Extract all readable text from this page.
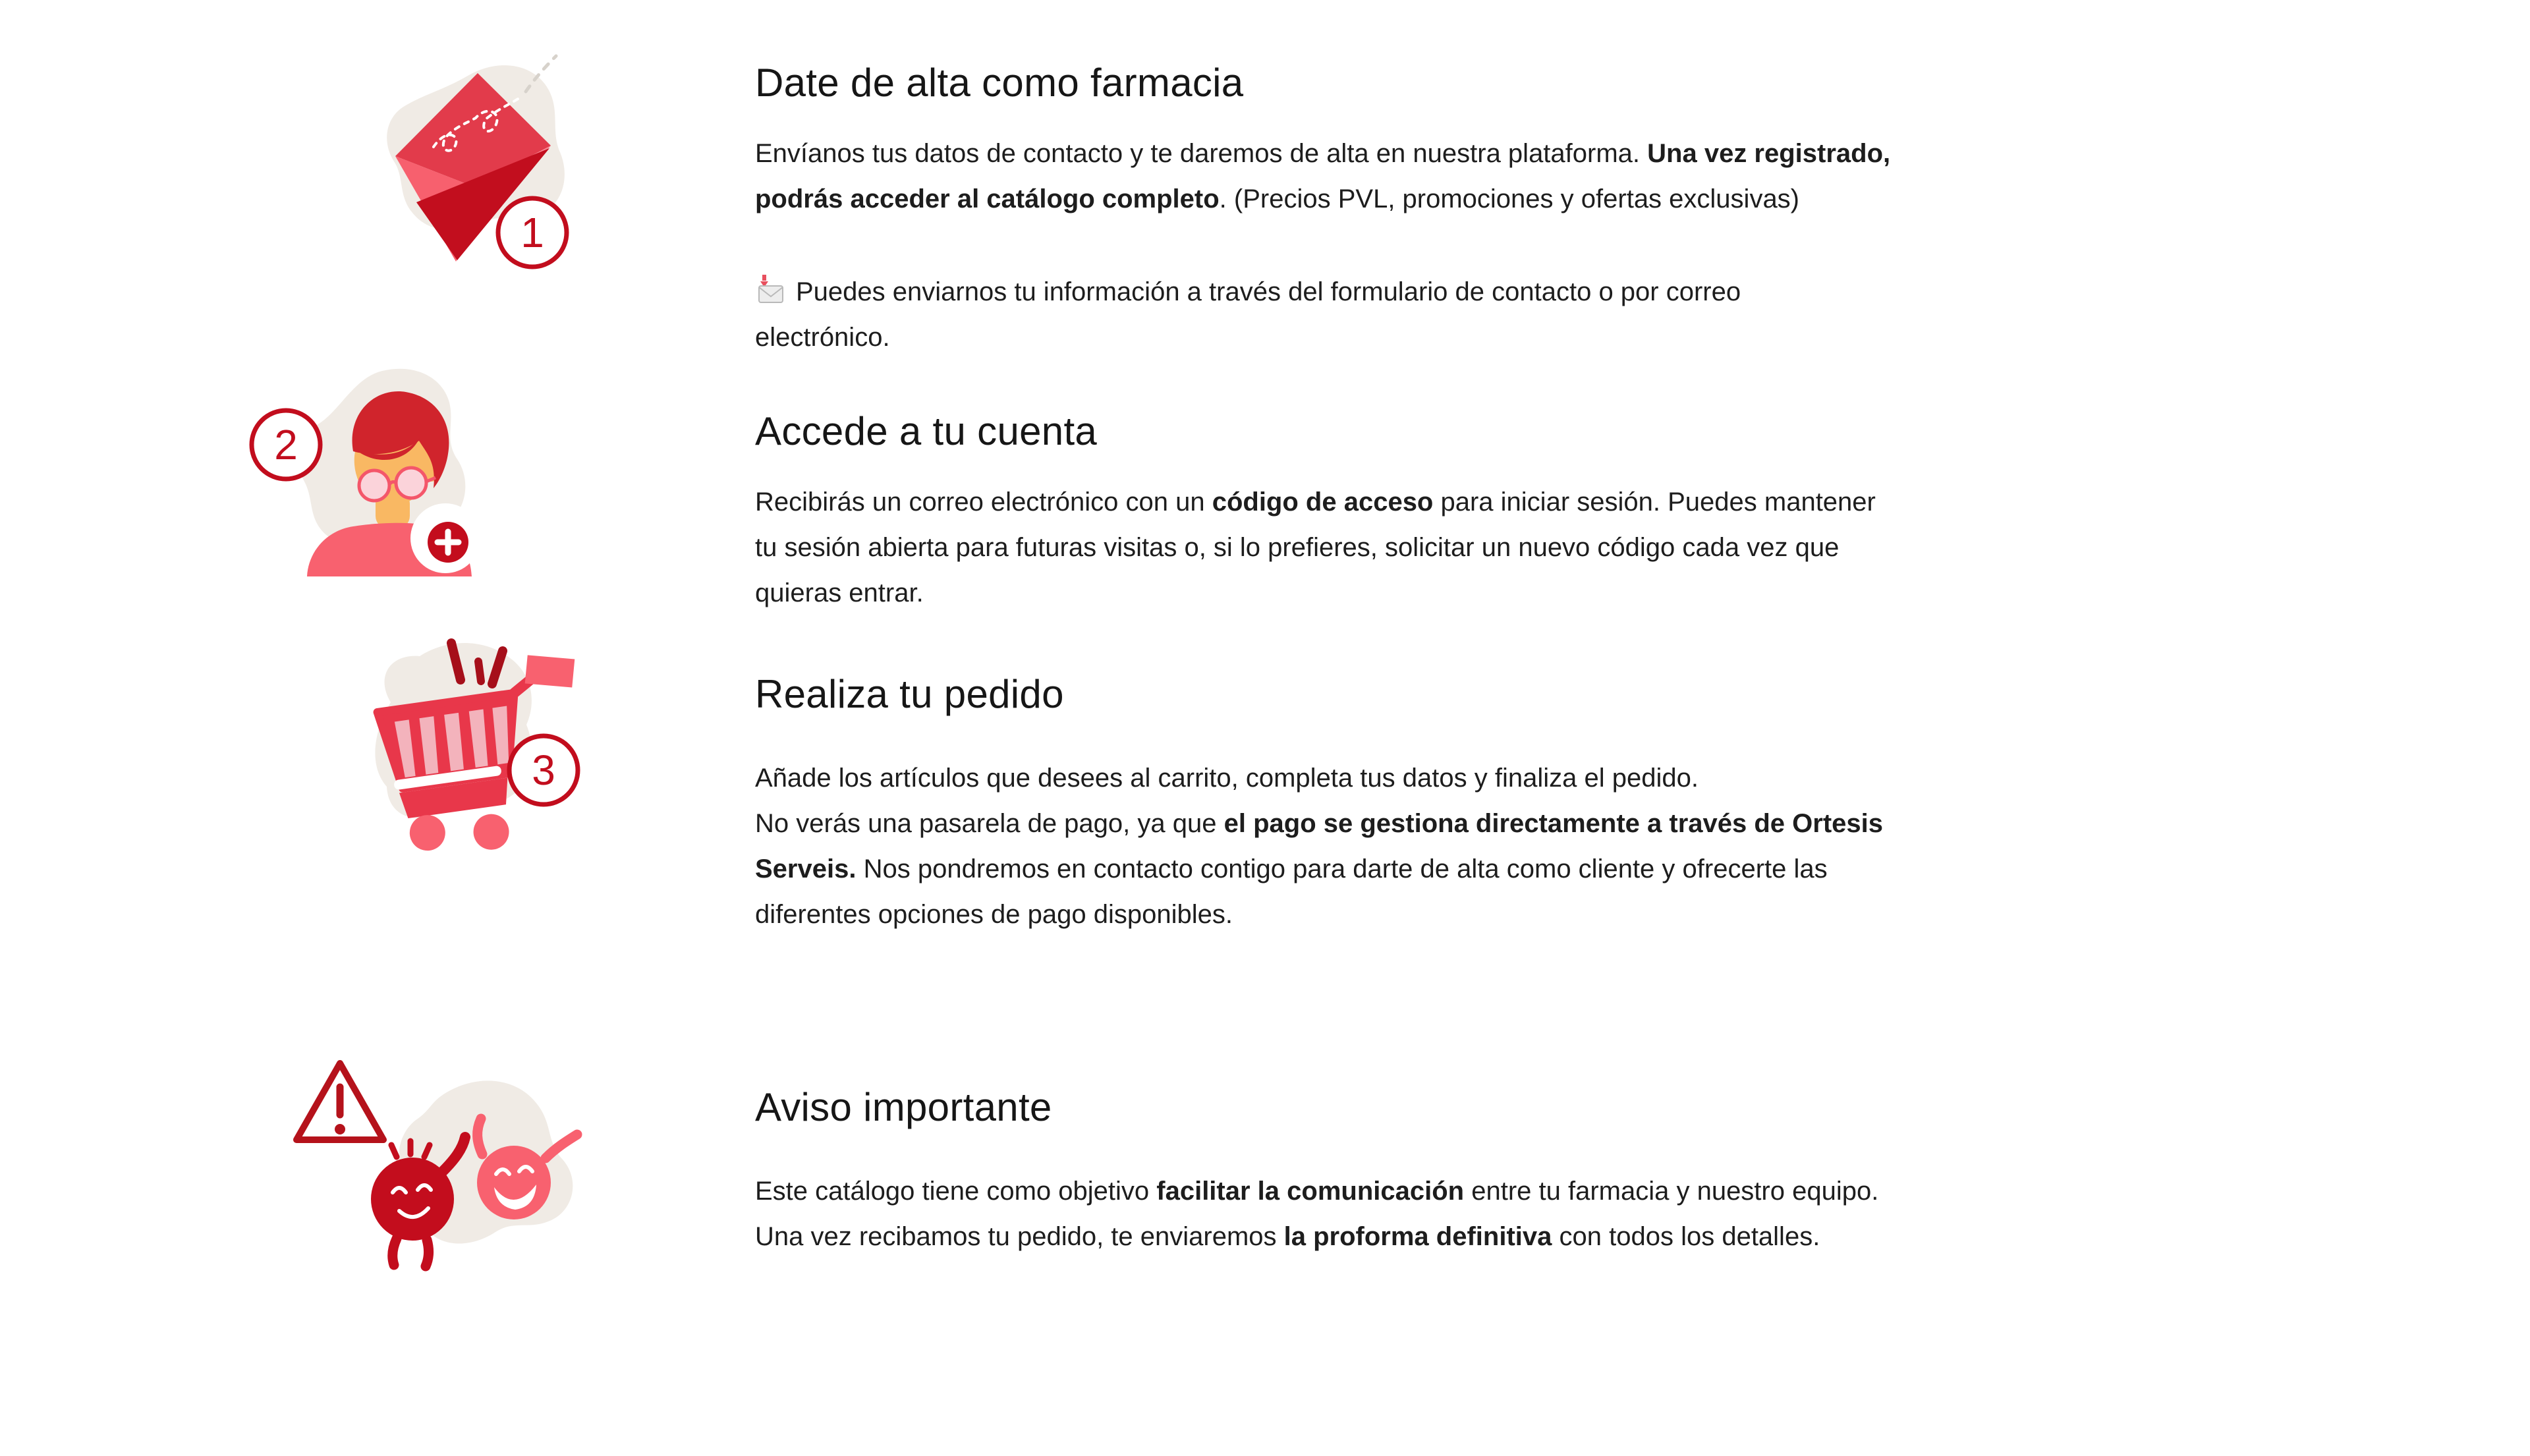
1
2
3
Date de alta como farmacia

Envíanos tus datos de contacto y te daremos de alta en nuestra plataforma. Una vez registrado,
podrás acceder al catálogo completo. (Precios PVL, promociones y ofertas exclusivas)

Puedes enviarnos tu información a través del formulario de contacto o por correo
electrónico.

Accede a tu cuenta

Recibirás un correo electrónico con un código de acceso para iniciar sesión. Puedes mantener
tu sesión abierta para futuras visitas o, si lo prefieres, solicitar un nuevo código cada vez que
quieras entrar.

Realiza tu pedido

Añade los artículos que desees al carrito, completa tus datos y finaliza el pedido.
No verás una pasarela de pago, ya que el pago se gestiona directamente a través de Ortesis
Serveis. Nos pondremos en contacto contigo para darte de alta como cliente y ofrecerte las
diferentes opciones de pago disponibles.

Aviso importante

Este catálogo tiene como objetivo facilitar la comunicación entre tu farmacia y nuestro equipo.
Una vez recibamos tu pedido, te enviaremos la proforma definitiva con todos los detalles.
